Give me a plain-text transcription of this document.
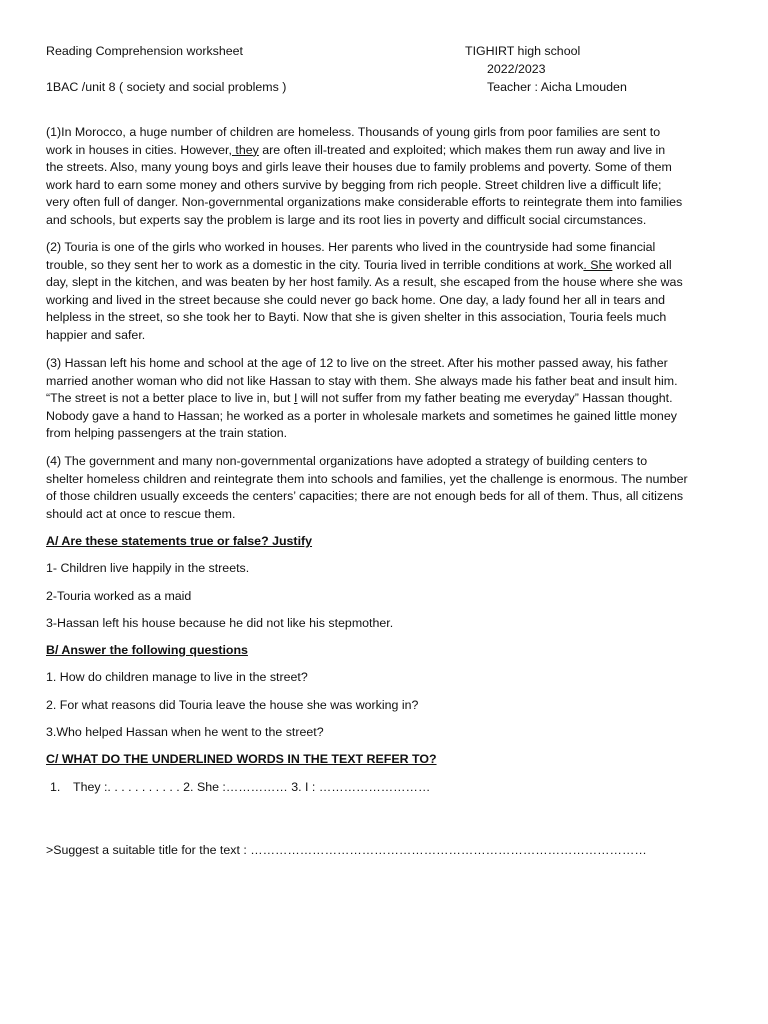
Reading Comprehension worksheet
1BAC /unit 8 ( society and social problems )
TIGHIRT high school
2022/2023
Teacher : Aicha Lmouden

(1)In Morocco, a huge number of children are homeless. Thousands of young girls from poor families are sent to

work in houses in cities. However, they are often ill-treated and exploited; which makes them run away and live in

the streets. Also, many young boys and girls leave their houses due to family problems and poverty. Some of them

work hard to earn some money and others survive by begging from rich people. Street children live a difficult life;

very often full of danger. Non-governmental organizations make considerable efforts to reintegrate them into families

and schools, but experts say the problem is large and its root lies in poverty and difficult social circumstances.

(2) Touria is one of the girls who worked in houses. Her parents who lived in the countryside had some financial

trouble, so they sent her to work as a domestic in the city. Touria lived in terrible conditions at work. She worked all

day, slept in the kitchen, and was beaten by her host family. As a result, she escaped from the house where she was

working and lived in the street because she could never go back home. One day, a lady found her all in tears and

helpless in the street, so she took her to Bayti. Now that she is given shelter in this association, Touria feels much

happier and safer.

(3) Hassan left his home and school at the age of 12 to live on the street. After his mother passed away, his father

married another woman who did not like Hassan to stay with them. She always made his father beat and insult him.

“The street is not a better place to live in, but I will not suffer from my father beating me everyday” Hassan thought.

Nobody gave a hand to Hassan; he worked as a porter in wholesale markets and sometimes he gained little money

from helping passengers at the train station.

(4) The government and many non-governmental organizations have adopted a strategy of building centers to

shelter homeless children and reintegrate them into schools and families, yet the challenge is enormous. The number

of those children usually exceeds the centers’ capacities; there are not enough beds for all of them. Thus, all citizens

should act at once to rescue them.

A/ Are these statements true or false? Justify
1- Children live happily in the streets.
2-Touria worked as a maid
3-Hassan left his house because he did not like his stepmother.
B/ Answer the following questions
1. How do children manage to live in the street?
2. For what reasons did Touria leave the house she was working in?
3.Who helped Hassan when he went to the street?
C/ WHAT DO THE UNDERLINED WORDS IN THE TEXT REFER TO?
1. They :. . . . . . . . . . . 2. She :…………… 3. I : ………………………
>Suggest a suitable title for the text : ……………………………………………………………………………………
